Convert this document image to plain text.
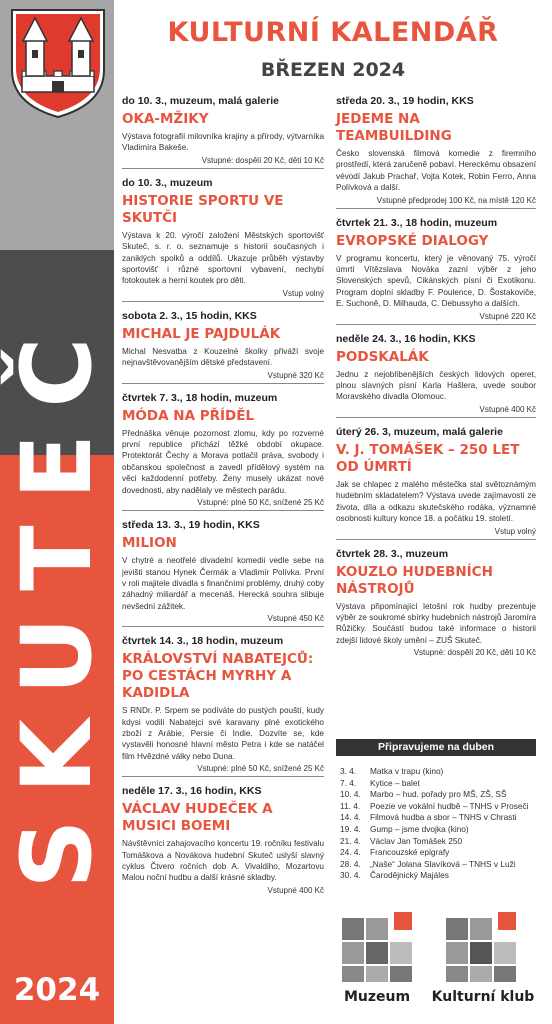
SKUTEČ
2024
KULTURNÍ KALENDÁŘ
BŘEZEN 2024
do 10. 3., muzeum, malá galerie
OKA-MŽIKY
Výstava fotografií milovníka krajiny a přírody, výtvarníka Vladimíra Bakeše.
Vstupné: dospělí 20 Kč, děti 10 Kč
do 10. 3., muzeum
HISTORIE SPORTU VE SKUTČI
Výstava k 20. výročí založení Městských sportovišť Skuteč, s. r. o. seznamuje s historií současných i zaniklých spolků a oddílů. Ukazuje průběh výstavby sportovišť i různé sportovní vybavení, nechybí fotokoutek a herní koutek pro děti.
Vstup volný
sobota 2. 3., 15 hodin, KKS
MICHAL JE PAJDULÁK
Michal Nesvatba z Kouzelné školky přiváží svoje nejnavštěvovanějším dětské představení.
Vstupné 320 Kč
čtvrtek 7. 3., 18 hodin, muzeum
MÓDA NA PŘÍDĚL
Přednáška věnuje pozornost zlomu, kdy po rozverné první republice přichází těžké období okupace. Protektorát Čechy a Morava potlačil práva, svobody i občanskou společnost a zavedl přídělový systém na věci každodenní potřeby. Ženy musely ukázat nové dovednosti, aby nadělaly ve městech parádu.
Vstupné: plné 50 Kč, snížené 25 Kč
středa 13. 3., 19 hodin, KKS
MILION
V chytré a neotřelé divadelní komedii vedle sebe na jevišti stanou Hynek Čermák a Vladimír Polívka. První v roli majitele divadla s finančními problémy, druhý coby záhadný miliardář a mecenáš. Herecká souhra slibuje nevšední zážitek.
Vstupné 450 Kč
čtvrtek 14. 3., 18 hodin, muzeum
KRÁLOVSTVÍ NABATEJCŮ: PO CESTÁCH MYRHY A KADIDLA
S RNDr. P. Srpem se podíváte do pustých pouští, kudy kdysi vodili Nabatejci své karavany plné exotického zboží z Arábie, Persie či Indie. Dozvíte se, kde vystavěli honosné hlavní město Petra i kde se natáčel film Hvězdné války nebo Duna.
Vstupné: plné 50 Kč, snížené 25 Kč
neděle 17. 3., 16 hodin, KKS
VÁCLAV HUDEČEK A MUSICI BOEMI
Návštěvníci zahajovacího koncertu 19. ročníku festivalu Tomáškova a Novákova hudební Skuteč uslyší slavný cyklus Čtvero ročních dob A. Vivaldiho, Mozartovu Malou noční hudbu a další krásné skladby.
Vstupné 400 Kč
středa 20. 3., 19 hodin, KKS
JEDEME NA TEAMBUILDING
Česko slovenská filmová komedie z firemního prostředí, která zaručeně pobaví. Hereckému obsazení vévodí Jakub Prachař, Vojta Kotek, Robin Ferro, Anna Polívková a další.
Vstupné předprodej 100 Kč, na místě 120 Kč
čtvrtek 21. 3., 18 hodin, muzeum
EVROPSKÉ DIALOGY
V programu koncertu, který je věnovaný 75. výročí úmrtí Vítězslava Nováka zazní výběr z jeho Slovenských spevů, Cikánských písní či Exotikonu. Program doplní skladby F. Poulence, D. Šostakoviče, E. Suchoně, D. Milhauda, C. Debussyho a dalších.
Vstupné 220 Kč
neděle 24. 3., 16 hodin, KKS
PODSKALÁK
Jednu z nejoblíbenějších českých lidových operet, plnou slavných písní Karla Hašlera, uvede soubor Moravského divadla Olomouc.
Vstupné 400 Kč
úterý 26. 3, muzeum, malá galerie
V. J. TOMÁŠEK – 250 LET OD ÚMRTÍ
Jak se chlapec z malého městečka stal světoznámým hudebním skladatelem? Výstava uvede zajímavosti ze života, díla a odkazu skutečského rodáka, významné osobnosti kultury konce 18. a počátku 19. století.
Vstup volný
čtvrtek 28. 3., muzeum
KOUZLO HUDEBNÍCH NÁSTROJŮ
Výstava připomínající letošní rok hudby prezentuje výběr ze soukromé sbírky hudebních nástrojů Jaromíra Růžičky. Součástí budou také informace o historii zdejší lidové školy umění – ZUŠ Skuteč.
Vstupné: dospělí 20 Kč, děti 10 Kč
Připravujeme na duben
3. 4.	Matka v trapu (kino)
7. 4.	Kytice – balet
10. 4.	Marbo – hud. pořady pro MŠ, ZŠ, SŠ
11. 4.	Poezie ve vokální hudbě – TNHS v Proseči
14. 4.	Filmová hudba a sbor – TNHS v Chrasti
19. 4.	Gump – jsme dvojka (kino)
21. 4.	Václav Jan Tomášek 250
24. 4.	Francouzské epigrafy
28. 4.	„Naše“ Jolana Slavíková – TNHS v Luži
30. 4.	Čarodějnický Majáles
Muzeum	Kulturní klub
